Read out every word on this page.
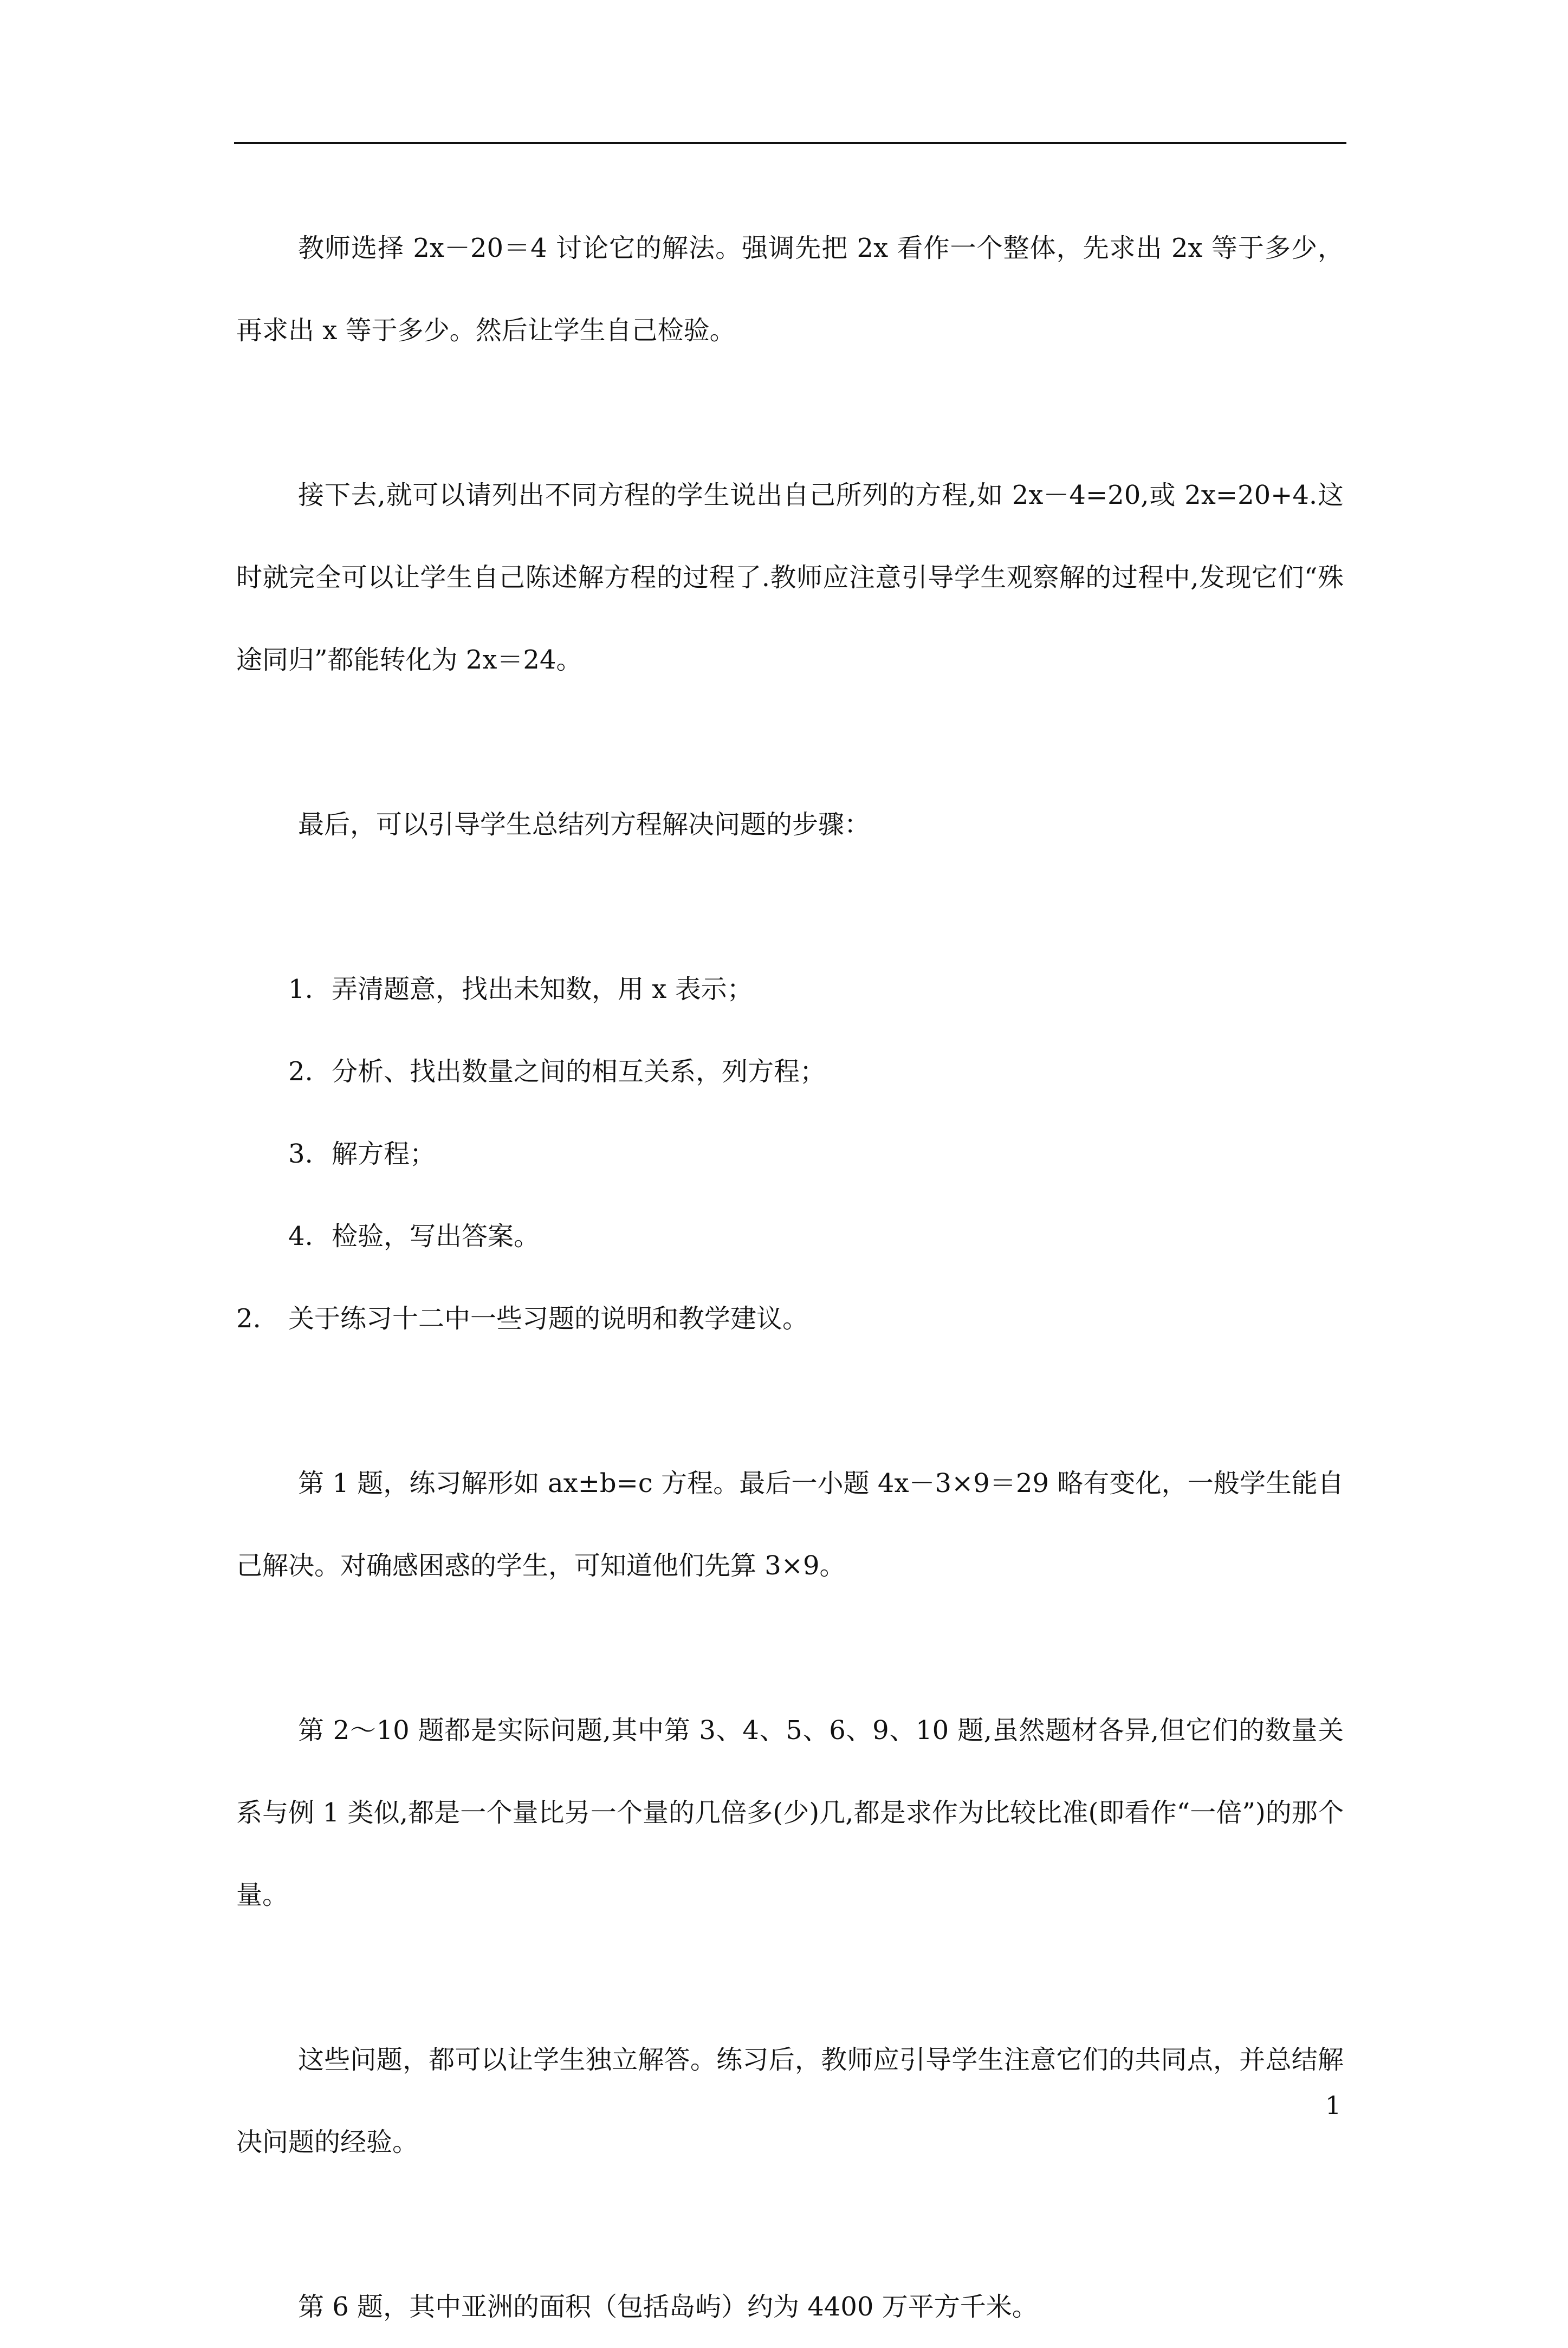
教师选择 2x－20＝4 讨论它的解法。强调先把 2x 看作一个整体，先求出 2x 等于多少，再求出 x 等于多少。然后让学生自己检验。

接下去,就可以请列出不同方程的学生说出自己所列的方程,如 2x－4=20,或 2x=20+4.这时就完全可以让学生自己陈述解方程的过程了.教师应注意引导学生观察解的过程中,发现它们“殊途同归”都能转化为 2x＝24。

最后，可以引导学生总结列方程解决问题的步骤：

1. 弄清题意，找出未知数，用 x 表示；

2. 分析、找出数量之间的相互关系，列方程；

3. 解方程；

4. 检验，写出答案。

2. 关于练习十二中一些习题的说明和教学建议。

第 1 题，练习解形如 ax±b=c 方程。最后一小题 4x－3×9＝29 略有变化，一般学生能自己解决。对确感困惑的学生，可知道他们先算 3×9。

第 2～10 题都是实际问题,其中第 3、4、5、6、9、10 题,虽然题材各异,但它们的数量关系与例 1 类似,都是一个量比另一个量的几倍多(少)几,都是求作为比较比准(即看作“一倍”)的那个量。

这些问题，都可以让学生独立解答。练习后，教师应引导学生注意它们的共同点，并总结解决问题的经验。

第 6 题，其中亚洲的面积（包括岛屿）约为 4400 万平方千米。

1
